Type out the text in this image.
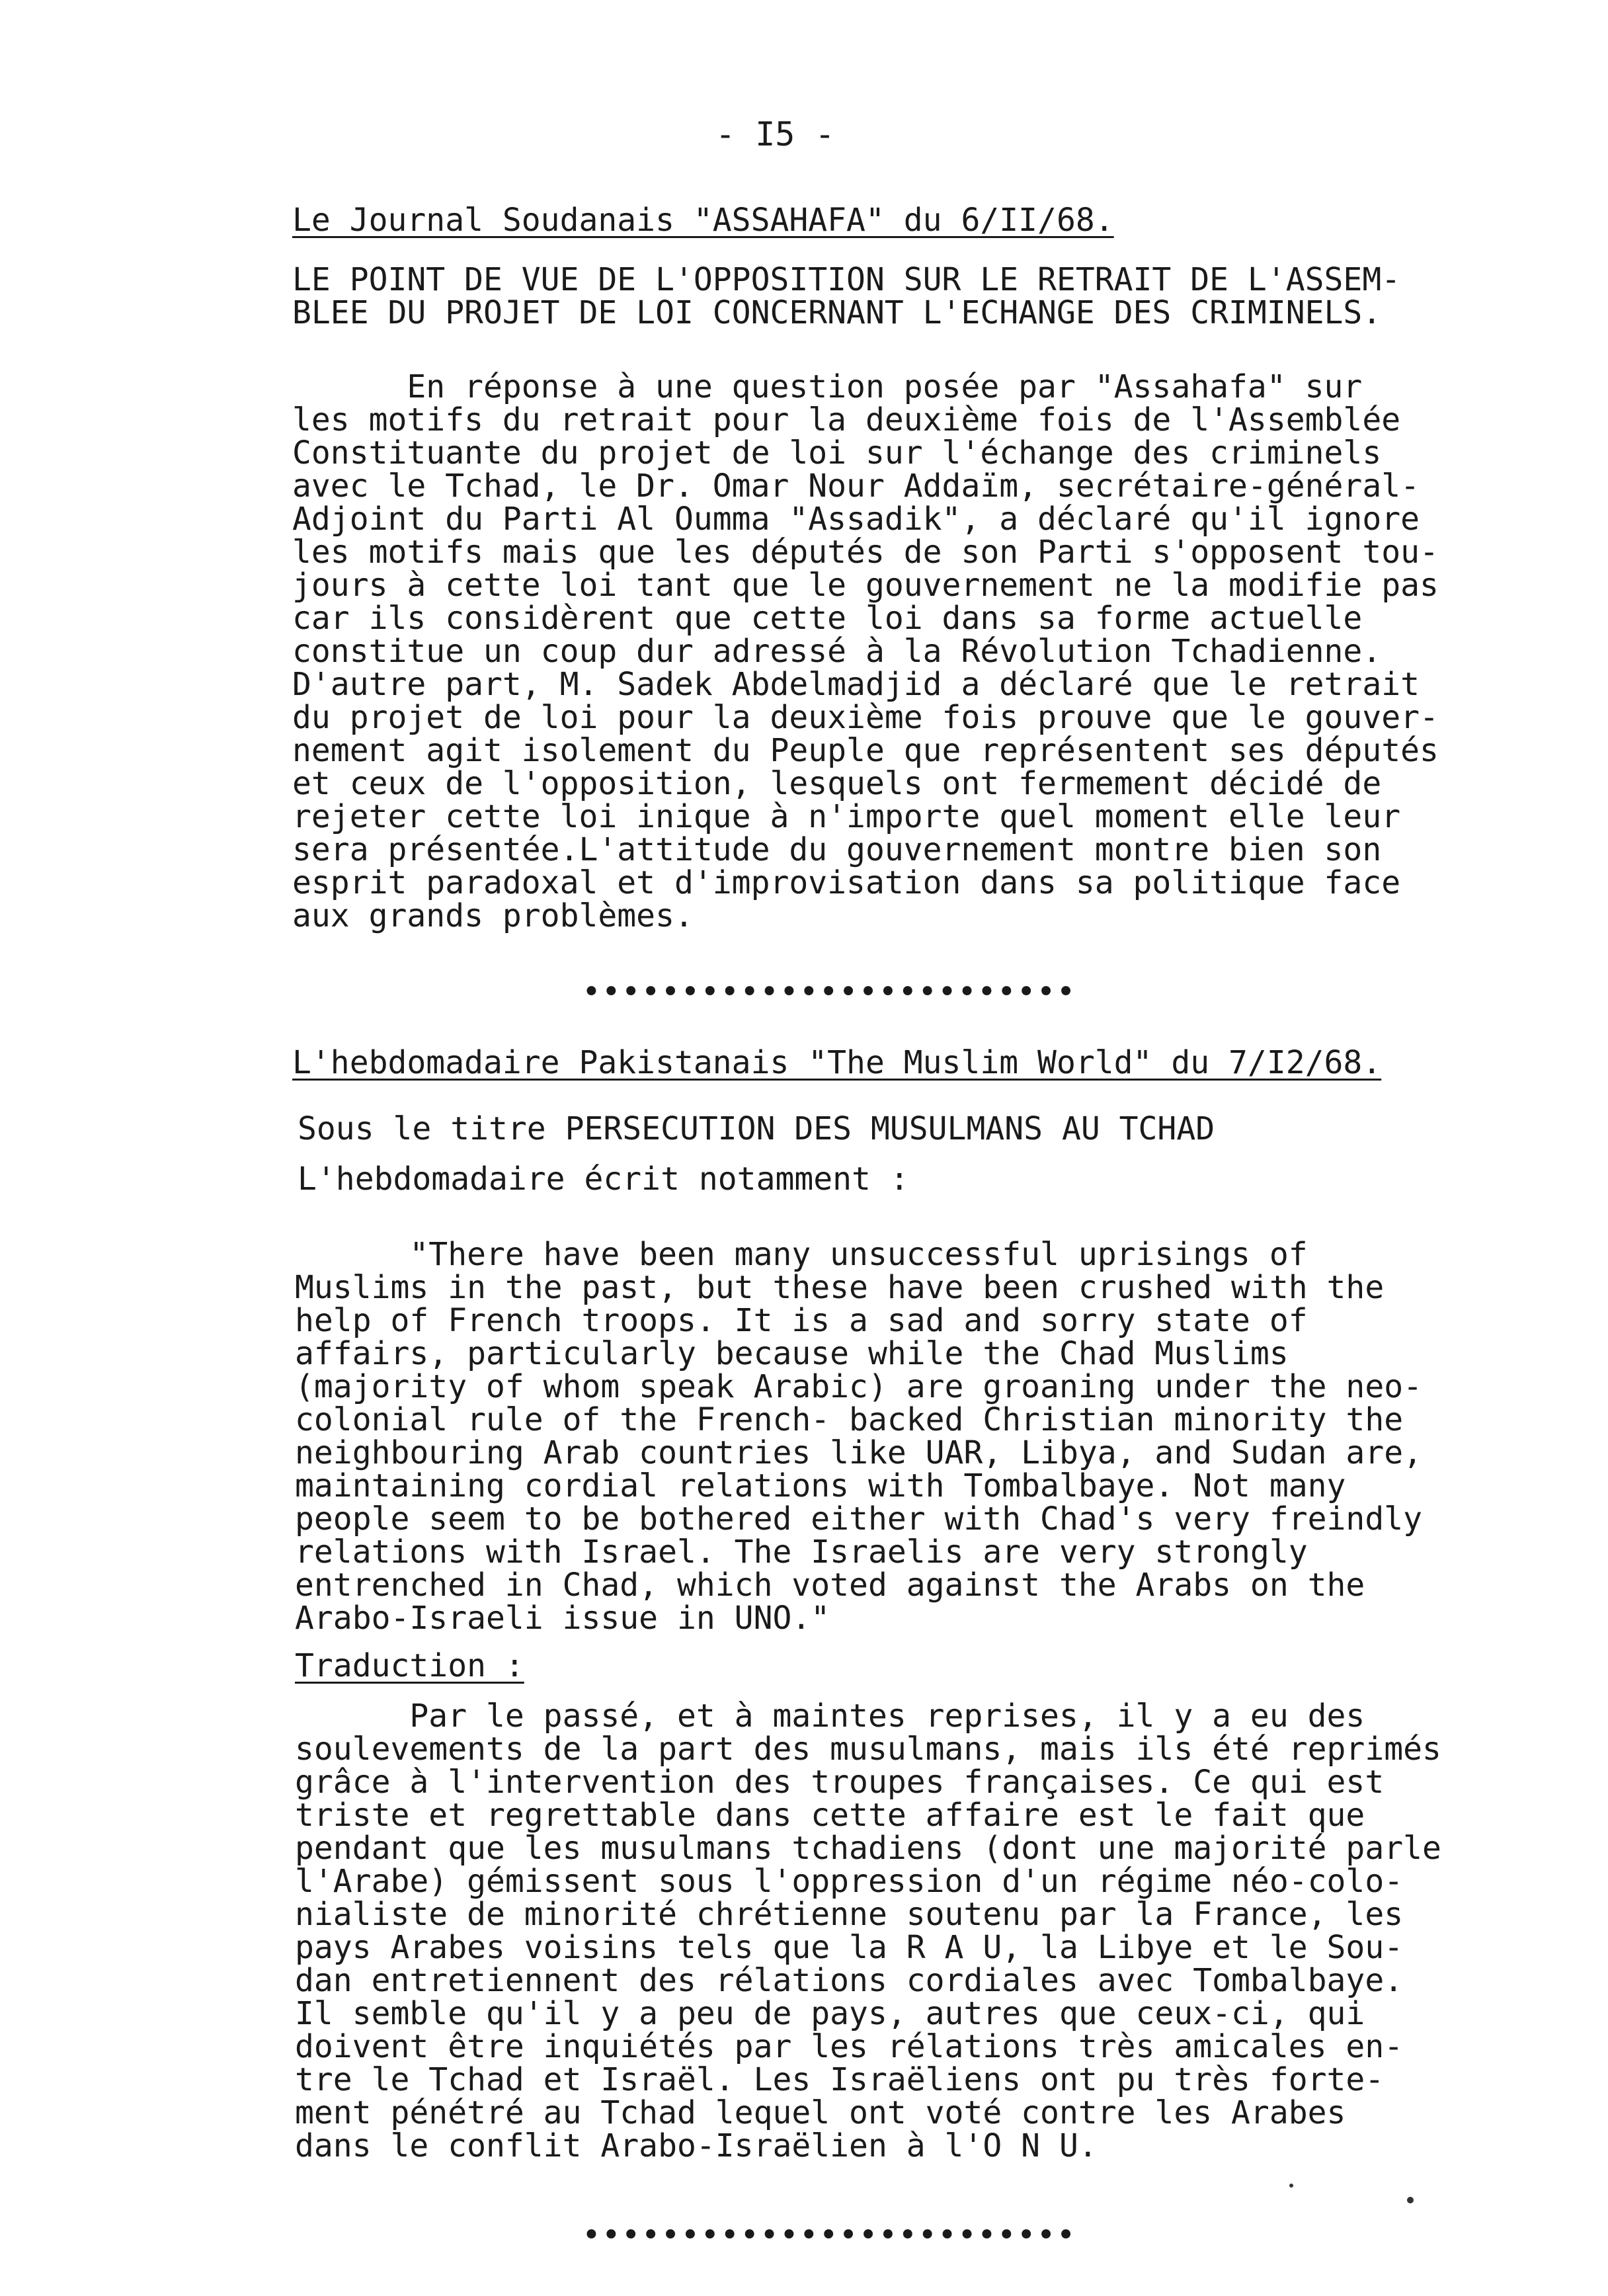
- I5 -
Le Journal Soudanais "ASSAHAFA" du 6/II/68.
LE POINT DE VUE DE L'OPPOSITION SUR LE RETRAIT DE L'ASSEM-
BLEE DU PROJET DE LOI CONCERNANT L'ECHANGE DES CRIMINELS.
En réponse à une question posée par "Assahafa" sur
les motifs du retrait pour la deuxième fois de l'Assemblée
Constituante du projet de loi sur l'échange des criminels
avec le Tchad, le Dr. Omar Nour Addaïm, secrétaire-général-
Adjoint du Parti Al Oumma "Assadik", a déclaré qu'il ignore
les motifs mais que les députés de son Parti s'opposent tou-
jours à cette loi tant que le gouvernement ne la modifie pas
car ils considèrent que cette loi dans sa forme actuelle
constitue un coup dur adressé à la Révolution Tchadienne.
D'autre part, M. Sadek Abdelmadjid a déclaré que le retrait
du projet de loi pour la deuxième fois prouve que le gouver-
nement agit isolement du Peuple que représentent ses députés
et ceux de l'opposition, lesquels ont fermement décidé de
rejeter cette loi inique à n'importe quel moment elle leur
sera présentée.L'attitude du gouvernement montre bien son
esprit paradoxal et d'improvisation dans sa politique face
aux grands problèmes.
•••••••••••••••••••••••••
L'hebdomadaire Pakistanais "The Muslim World" du 7/I2/68.
Sous le titre PERSECUTION DES MUSULMANS AU TCHAD
L'hebdomadaire écrit notamment :
"There have been many unsuccessful uprisings of
Muslims in the past, but these have been crushed with the
help of French troops. It is a sad and sorry state of
affairs, particularly because while the Chad Muslims
(majority of whom speak Arabic) are groaning under the neo-
colonial rule of the French- backed Christian minority the
neighbouring Arab countries like UAR, Libya, and Sudan are,
maintaining cordial relations with Tombalbaye. Not many
people seem to be bothered either with Chad's very freindly
relations with Israel. The Israelis are very strongly
entrenched in Chad, which voted against the Arabs on the
Arabo-Israeli issue in UNO."
Traduction :
Par le passé, et à maintes reprises, il y a eu des
soulevements de la part des musulmans, mais ils été reprimés
grâce à l'intervention des troupes françaises. Ce qui est
triste et regrettable dans cette affaire est le fait que
pendant que les musulmans tchadiens (dont une majorité parle
l'Arabe) gémissent sous l'oppression d'un régime néo-colo-
nialiste de minorité chrétienne soutenu par la France, les
pays Arabes voisins tels que la R A U, la Libye et le Sou-
dan entretiennent des rélations cordiales avec Tombalbaye.
Il semble qu'il y a peu de pays, autres que ceux-ci, qui
doivent être inquiétés par les rélations très amicales en-
tre le Tchad et Israël. Les Israëliens ont pu très forte-
ment pénétré au Tchad lequel ont voté contre les Arabes
dans le conflit Arabo-Israëlien à l'O N U.
•••••••••••••••••••••••••
